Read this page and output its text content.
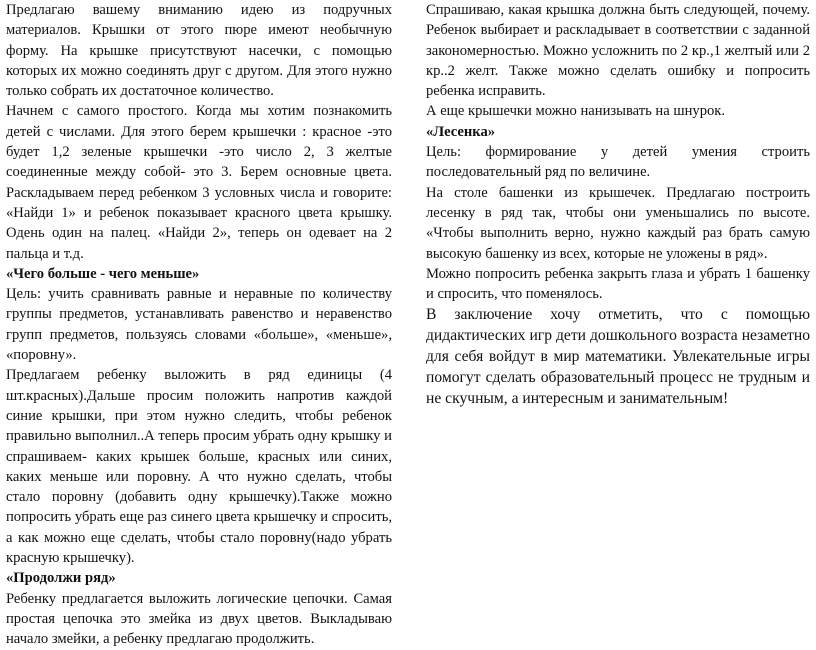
Предлагаю вашему вниманию идею из подручных материалов. Крышки от этого пюре имеют необычную форму. На крышке присутствуют насечки, с помощью которых их можно соединять друг с другом. Для этого нужно только собрать их достаточное количество.

Начнем с самого простого. Когда мы хотим познакомить детей с числами. Для этого берем крышечки : красное -это будет 1,2 зеленые крышечки -это число 2, 3 желтые соединенные между собой- это 3. Берем основные цвета. Раскладываем перед ребенком 3 условных числа и говорите: «Найди 1» и ребенок показывает красного цвета крышку. Одень один на палец. «Найди 2», теперь он одевает на 2 пальца и т.д.

«Чего больше - чего меньше»

Цель: учить сравнивать равные и неравные по количеству группы предметов, устанавливать равенство и неравенство групп предметов, пользуясь словами «больше», «меньше», «поровну».

Предлагаем ребенку выложить в ряд единицы (4 шт.красных).Дальше просим положить напротив каждой синие крышки, при этом нужно следить, чтобы ребенок правильно выполнил..А теперь просим убрать одну крышку и спрашиваем- каких крышек больше, красных или синих, каких меньше или поровну. А что нужно сделать, чтобы стало поровну (добавить одну крышечку).Также можно попросить убрать еще раз синего цвета крышечку и спросить, а как можно еще сделать, чтобы стало поровну(надо убрать красную крышечку).

«Продолжи ряд»

Ребенку предлагается выложить логические цепочки. Самая простая цепочка это змейка из двух цветов. Выкладываю начало змейки, а ребенку предлагаю продолжить.

Спрашиваю, какая крышка должна быть следующей, почему. Ребенок выбирает и раскладывает в соответствии с заданной закономерностью. Можно усложнить по 2 кр.,1 желтый или 2 кр..2 желт. Также можно сделать ошибку и попросить ребенка исправить.

А еще крышечки можно нанизывать на шнурок.

«Лесенка»

Цель: формирование у детей умения строить последовательный ряд по величине.

На столе башенки из крышечек. Предлагаю построить лесенку в ряд так, чтобы они уменьшались по высоте. «Чтобы выполнить верно, нужно каждый раз брать самую высокую башенку из всех, которые не уложены в ряд».

Можно попросить ребенка закрыть глаза и убрать 1 башенку и спросить, что поменялось.

В заключение хочу отметить, что с помощью дидактических игр дети дошкольного возраста незаметно для себя войдут в мир математики. Увлекательные игры помогут сделать образовательный процесс не трудным и не скучным, а интересным и занимательным!
